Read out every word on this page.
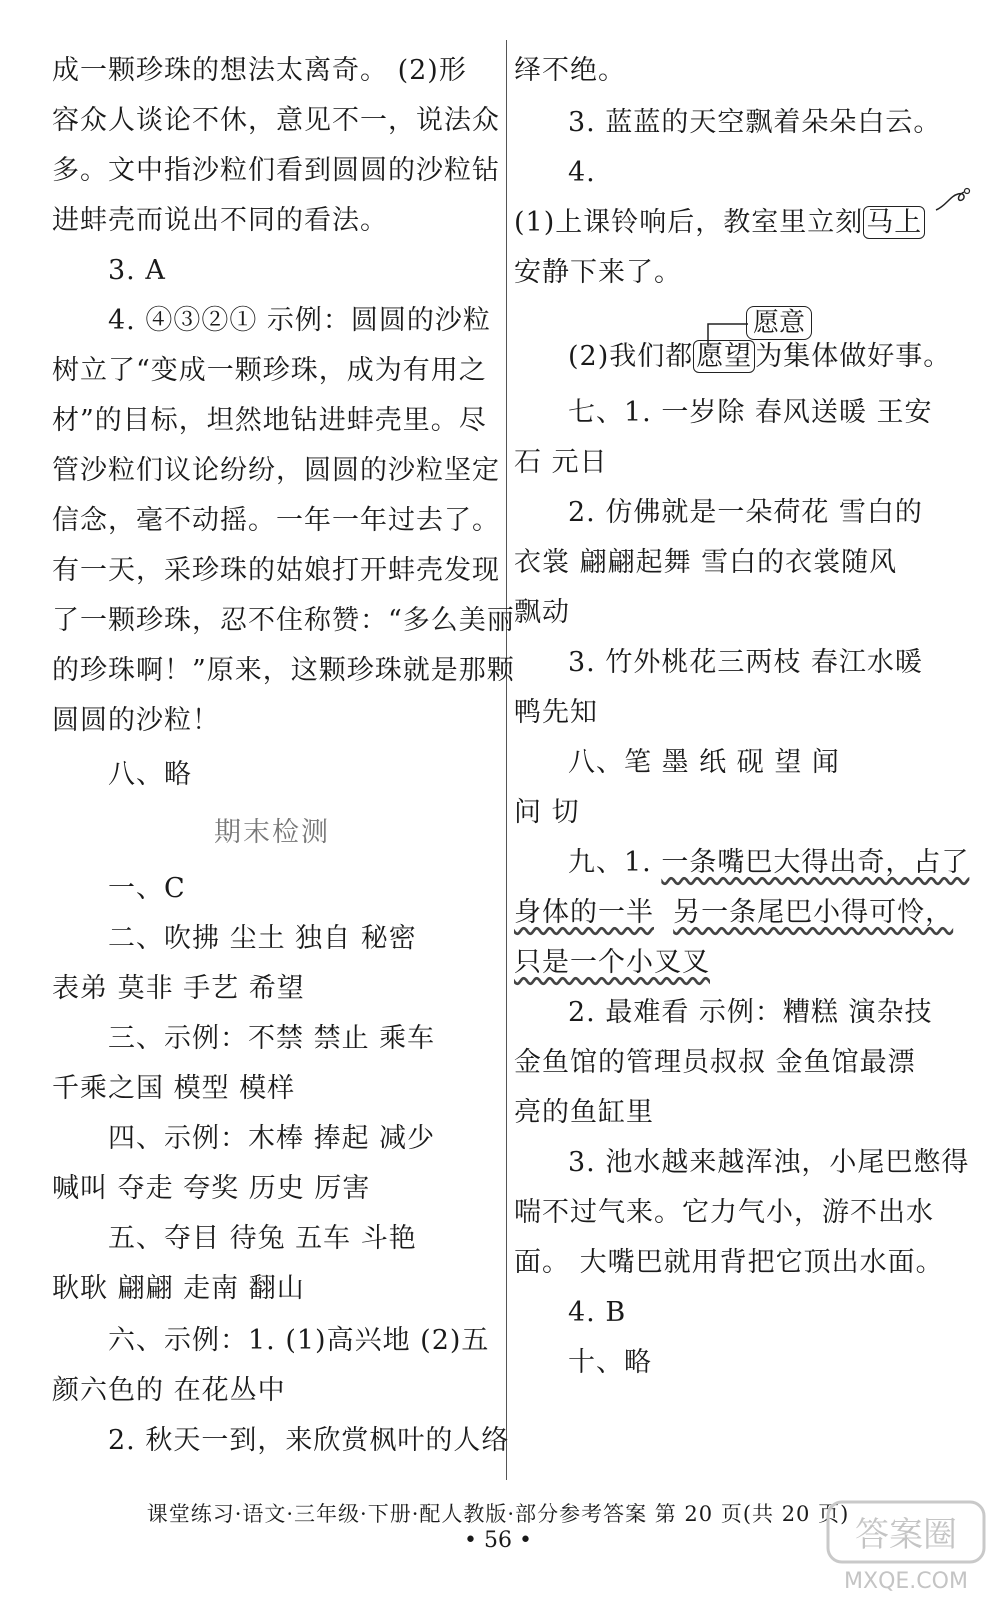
成一颗珍珠的想法太离奇。 (2)形
容众人谈论不休，意见不一，说法众
多。文中指沙粒们看到圆圆的沙粒钻
进蚌壳而说出不同的看法。
3. A
4. ④③②① 示例：圆圆的沙粒
树立了“变成一颗珍珠，成为有用之
材”的目标，坦然地钻进蚌壳里。尽
管沙粒们议论纷纷，圆圆的沙粒坚定
信念，毫不动摇。一年一年过去了。
有一天，采珍珠的姑娘打开蚌壳发现
了一颗珍珠，忍不住称赞：“多么美丽
的珍珠啊！”原来，这颗珍珠就是那颗
圆圆的沙粒！
八、略
期末检测
一、C
二、吹拂 尘土 独自 秘密
表弟 莫非 手艺 希望
三、示例：不禁 禁止 乘车
千乘之国 模型 模样
四、示例：木棒 捧起 减少
喊叫 夺走 夸奖 历史 厉害
五、夺目 待兔 五车 斗艳
耿耿 翩翩 走南 翻山
六、示例：1. (1)高兴地 (2)五
颜六色的 在花丛中
2. 秋天一到，来欣赏枫叶的人络
绎不绝。
3. 蓝蓝的天空飘着朵朵白云。
4.
(1)上课铃响后，教室里立刻 马上
安静下来了。
愿意
(2)我们都 愿望 为集体做好事。
七、1. 一岁除 春风送暖 王安
石 元日
2. 仿佛就是一朵荷花 雪白的
衣裳 翩翩起舞 雪白的衣裳随风
飘动
3. 竹外桃花三两枝 春江水暖
鸭先知
八、笔 墨 纸 砚 望 闻
问 切
九、1. 一条嘴巴大得出奇，占了
身体的一半 另一条尾巴小得可怜，
只是一个小叉叉
2. 最难看 示例：糟糕 演杂技
金鱼馆的管理员叔叔 金鱼馆最漂
亮的鱼缸里
3. 池水越来越浑浊，小尾巴憋得
喘不过气来。它力气小，游不出水
面。 大嘴巴就用背把它顶出水面。
4. B
十、略
课堂练习·语文·三年级·下册·配人教版·部分参考答案 第 20 页(共 20 页)
• 56 •	答案圈
MXQE.COM
